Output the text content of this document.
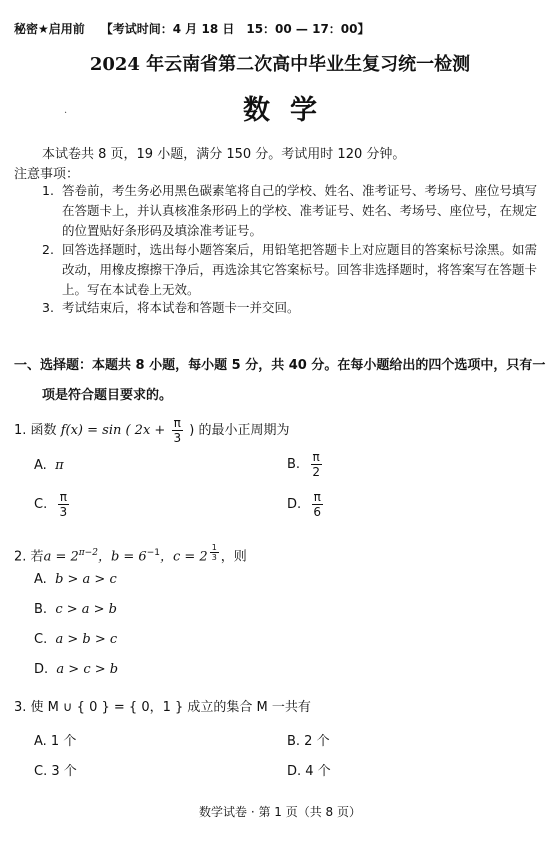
秘密★启用前 【考试时间：4 月 18 日　15：00 — 17：00】
2024 年云南省第二次高中毕业生复习统一检测
数学
·
本试卷共 8 页，19 小题，满分 150 分。考试用时 120 分钟。
注意事项：
1. 答卷前，考生务必用黑色碳素笔将自己的学校、姓名、准考证号、考场号、座位号填写在答题卡上，并认真核准条形码上的学校、准考证号、姓名、考场号、座位号，在规定的位置贴好条形码及填涂准考证号。
2. 回答选择题时，选出每小题答案后，用铅笔把答题卡上对应题目的答案标号涂黑。如需改动，用橡皮擦擦干净后，再选涂其它答案标号。回答非选择题时，将答案写在答题卡上。写在本试卷上无效。
3. 考试结束后，将本试卷和答题卡一并交回。
一、选择题：本题共 8 小题，每小题 5 分，共 40 分。在每小题给出的四个选项中，只有一
项是符合题目要求的。
1. 函数 f(x) = sin ( $2x + \frac{\pi}{3}$ ) 的最小正周期为
A. π	B. $\frac{\pi}{2}$
C. $\frac{\pi}{3}$	D. $\frac{\pi}{6}$
2. 若$a = 2^{\pi-2}$，$b = 6^{-1}$，c = 2 $^{\frac{1}{3}}$ ，则
A. b > a > c
B. c > a > b
C. a > b > c
D. a > c > b
3. 使 M ∪ { 0 } = { 0，1 } 成立的集合 M 一共有
A. 1 个	B. 2 个
C. 3 个	D. 4 个
数学试卷 · 第 1 页（共 8 页）
